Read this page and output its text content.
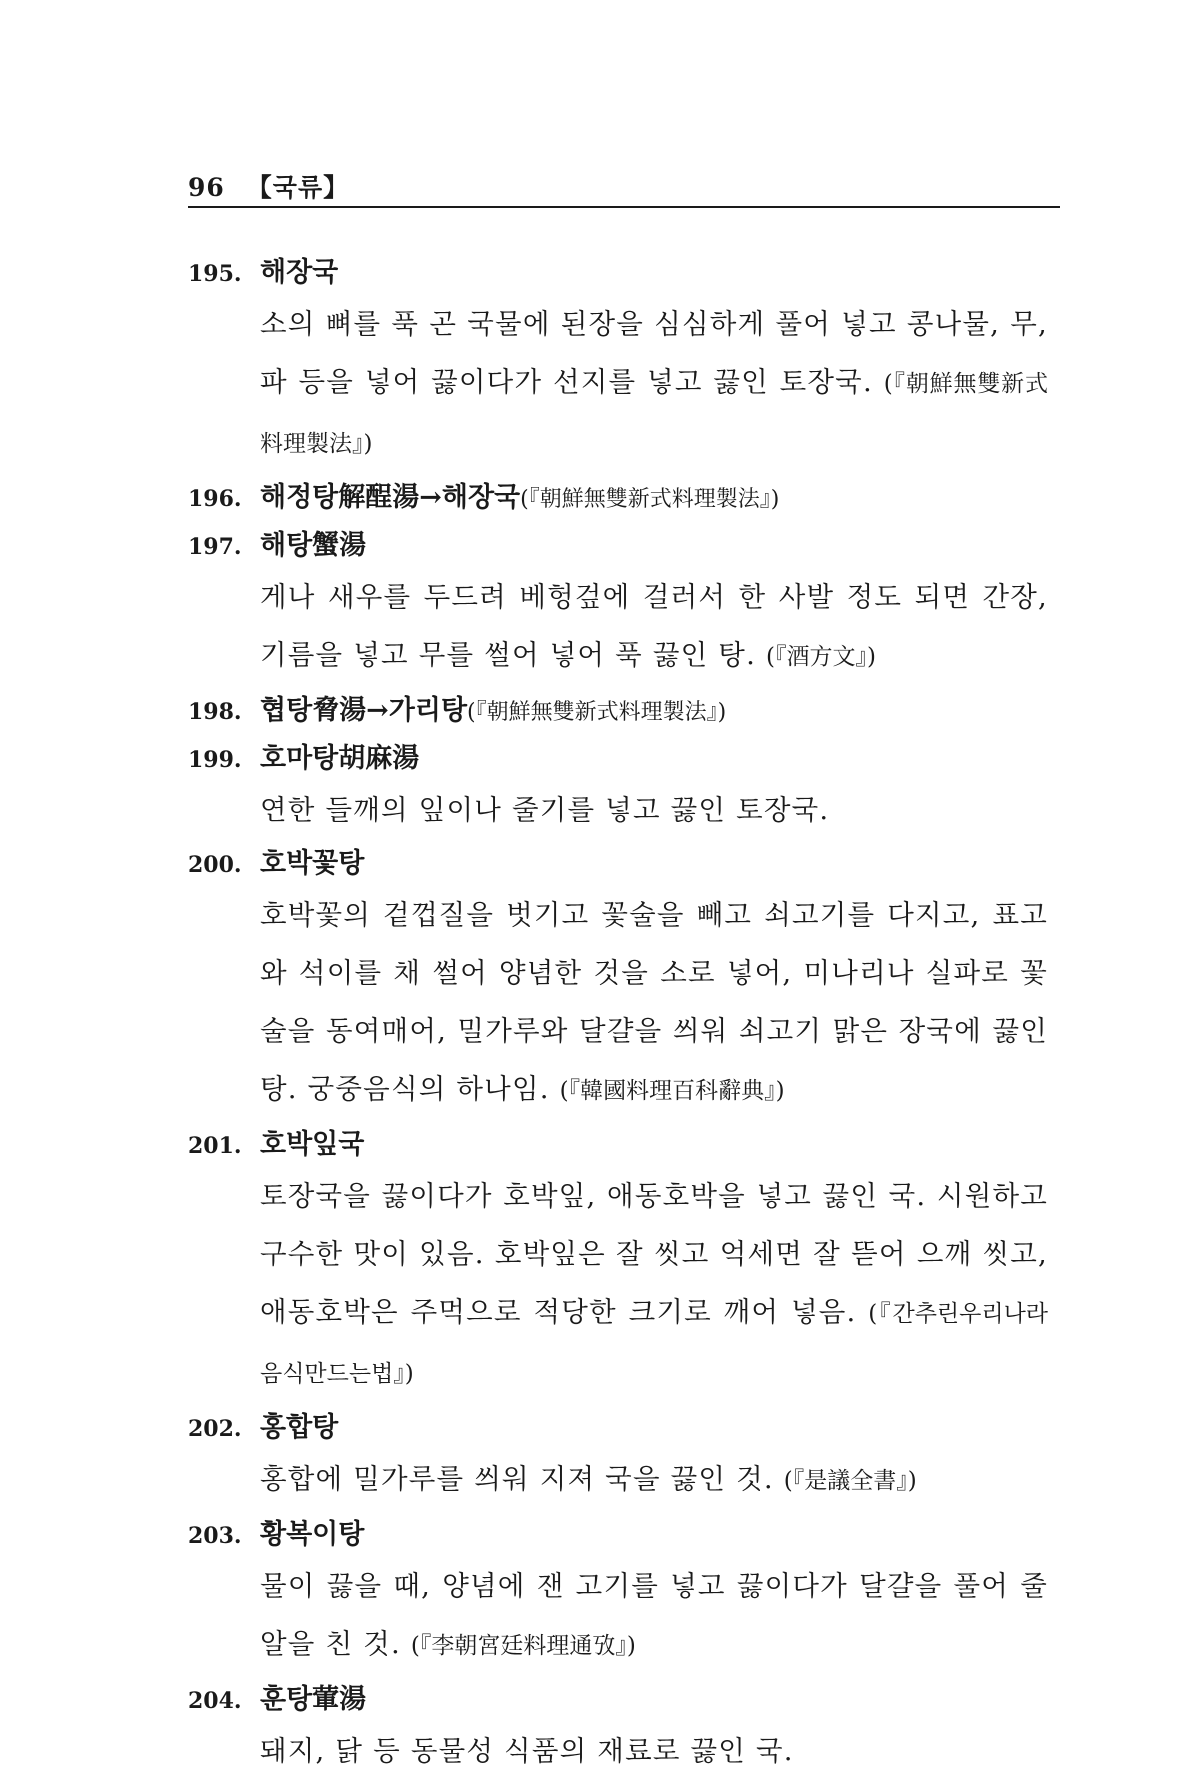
96 【국류】
195. 해장국
소의 뼈를 푹 곤 국물에 된장을 심심하게 풀어 넣고 콩나물, 무, 파 등을 넣어 끓이다가 선지를 넣고 끓인 토장국. (『朝鮮無雙新式料理製法』)
196. 해정탕解酲湯→해장국(『朝鮮無雙新式料理製法』)
197. 해탕蟹湯
게나 새우를 두드려 베헝겊에 걸러서 한 사발 정도 되면 간장, 기름을 넣고 무를 썰어 넣어 푹 끓인 탕. (『酒方文』)
198. 협탕脅湯→가리탕(『朝鮮無雙新式料理製法』)
199. 호마탕胡麻湯
연한 들깨의 잎이나 줄기를 넣고 끓인 토장국.
200. 호박꽃탕
호박꽃의 겉껍질을 벗기고 꽃술을 빼고 쇠고기를 다지고, 표고와 석이를 채 썰어 양념한 것을 소로 넣어, 미나리나 실파로 꽃술을 동여매어, 밀가루와 달걀을 씌워 쇠고기 맑은 장국에 끓인 탕. 궁중음식의 하나임. (『韓國料理百科辭典』)
201. 호박잎국
토장국을 끓이다가 호박잎, 애동호박을 넣고 끓인 국. 시원하고 구수한 맛이 있음. 호박잎은 잘 씻고 억세면 잘 뜯어 으깨 씻고, 애동호박은 주먹으로 적당한 크기로 깨어 넣음. (『간추린우리나라 음식만드는법』)
202. 홍합탕
홍합에 밀가루를 씌워 지져 국을 끓인 것. (『是議全書』)
203. 황복이탕
물이 끓을 때, 양념에 잰 고기를 넣고 끓이다가 달걀을 풀어 줄알을 친 것. (『李朝宮廷料理通攷』)
204. 훈탕葷湯
돼지, 닭 등 동물성 식품의 재료로 끓인 국.
